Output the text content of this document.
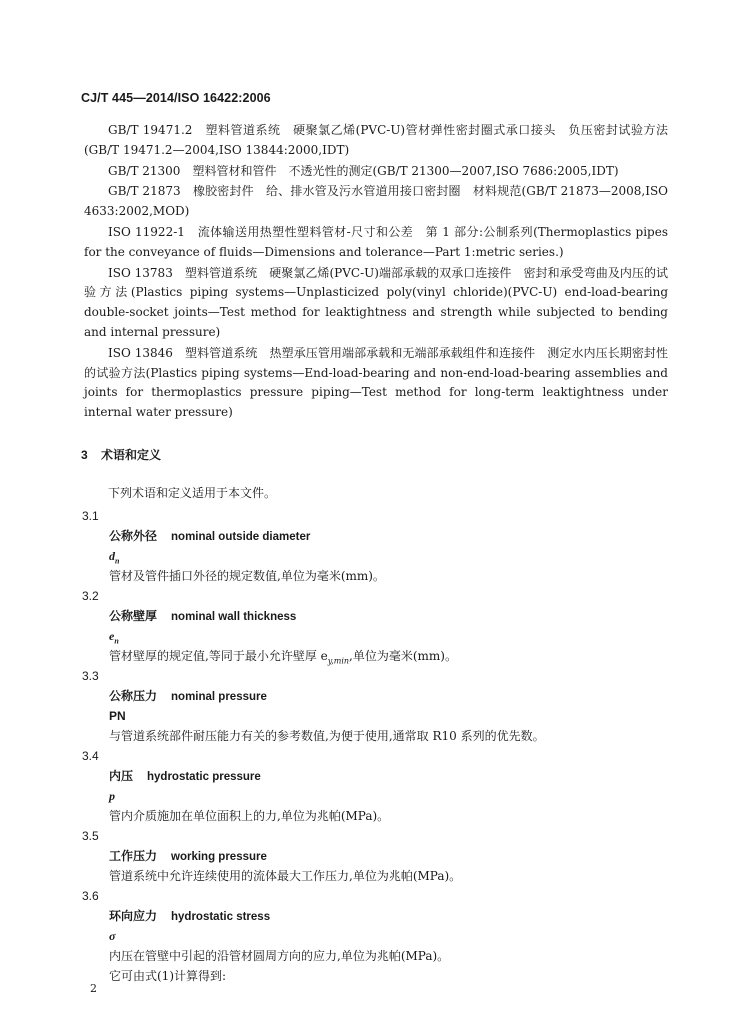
CJ/T 445—2014/ISO 16422:2006

GB/T 19471.2　塑料管道系统　硬聚氯乙烯(PVC-U)管材弹性密封圈式承口接头　负压密封试验方法(GB/T 19471.2—2004,ISO 13844:2000,IDT)

GB/T 21300　塑料管材和管件　不透光性的测定(GB/T 21300—2007,ISO 7686:2005,IDT)

GB/T 21873　橡胶密封件　给、排水管及污水管道用接口密封圈　材料规范(GB/T 21873—2008,ISO 4633:2002,MOD)

ISO 11922-1　流体输送用热塑性塑料管材-尺寸和公差　第 1 部分:公制系列(Thermoplastics pipes for the conveyance of fluids—Dimensions and tolerance—Part 1:metric series.)

ISO 13783　塑料管道系统　硬聚氯乙烯(PVC-U)端部承载的双承口连接件　密封和承受弯曲及内压的试验方法(Plastics piping systems—Unplasticized poly(vinyl chloride)(PVC-U) end-load-bearing double-socket joints—Test method for leaktightness and strength while subjected to bending and internal pressure)

ISO 13846　塑料管道系统　热塑承压管用端部承载和无端部承载组件和连接件　测定水内压长期密封性的试验方法(Plastics piping systems—End-load-bearing and non-end-load-bearing assemblies and joints for thermoplastics pressure piping—Test method for long-term leaktightness under internal water pressure)

3 术语和定义
下列术语和定义适用于本文件。
3.1
公称外径 nominal outside diameter
$d_n$
管材及管件插口外径的规定数值,单位为毫米(mm)。
3.2
公称壁厚 nominal wall thickness
$e_n$
管材壁厚的规定值,等同于最小允许壁厚 $e_{y,min}$,单位为毫米(mm)。
3.3
公称压力 nominal pressure
PN
与管道系统部件耐压能力有关的参考数值,为便于使用,通常取 R10 系列的优先数。
3.4
内压 hydrostatic pressure
p
管内介质施加在单位面积上的力,单位为兆帕(MPa)。
3.5
工作压力 working pressure
管道系统中允许连续使用的流体最大工作压力,单位为兆帕(MPa)。
3.6
环向应力 hydrostatic stress
σ
内压在管壁中引起的沿管材圆周方向的应力,单位为兆帕(MPa)。
它可由式(1)计算得到:
2
